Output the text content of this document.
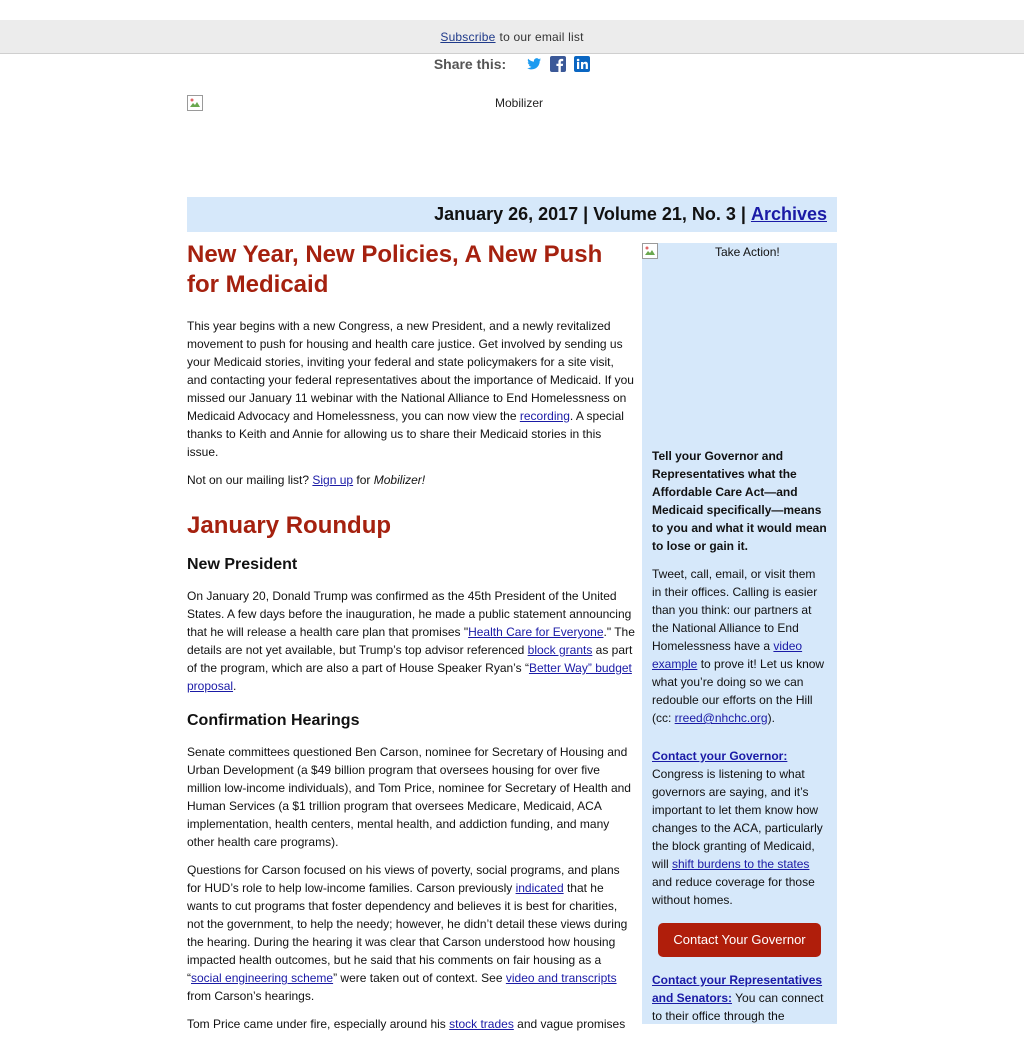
Subscribe to our email list
Share this:
Mobilizer
January 26, 2017 | Volume 21, No. 3 | Archives
New Year, New Policies, A New Push for Medicaid

This year begins with a new Congress, a new President, and a newly revitalized movement to push for housing and health care justice. Get involved by sending us your Medicaid stories, inviting your federal and state policymakers for a site visit, and contacting your federal representatives about the importance of Medicaid. If you missed our January 11 webinar with the National Alliance to End Homelessness on Medicaid Advocacy and Homelessness, you can now view the recording. A special thanks to Keith and Annie for allowing us to share their Medicaid stories in this issue.

Not on our mailing list? Sign up for Mobilizer!

January Roundup
New President

On January 20, Donald Trump was confirmed as the 45th President of the United States. A few days before the inauguration, he made a public statement announcing that he will release a health care plan that promises "Health Care for Everyone." The details are not yet available, but Trump’s top advisor referenced block grants as part of the program, which are also a part of House Speaker Ryan’s “Better Way” budget proposal.

Confirmation Hearings

Senate committees questioned Ben Carson, nominee for Secretary of Housing and Urban Development (a $49 billion program that oversees housing for over five million low-income individuals), and Tom Price, nominee for Secretary of Health and Human Services (a $1 trillion program that oversees Medicare, Medicaid, ACA implementation, health centers, mental health, and addiction funding, and many other health care programs).

Questions for Carson focused on his views of poverty, social programs, and plans for HUD’s role to help low-income families. Carson previously indicated that he wants to cut programs that foster dependency and believes it is best for charities, not the government, to help the needy; however, he didn’t detail these views during the hearing. During the hearing it was clear that Carson understood how housing impacted health outcomes, but he said that his comments on fair housing as a “social engineering scheme” were taken out of context. See video and transcripts from Carson’s hearings.

Tom Price came under fire, especially around his stock trades and vague promises

Take Action!

Tell your Governor and Representatives what the Affordable Care Act—and Medicaid specifically—means to you and what it would mean to lose or gain it.

Tweet, call, email, or visit them in their offices. Calling is easier than you think: our partners at the National Alliance to End Homelessness have a video example to prove it! Let us know what you’re doing so we can redouble our efforts on the Hill (cc: rreed@nhchc.org).

Contact your Governor:
Congress is listening to what governors are saying, and it’s important to let them know how changes to the ACA, particularly the block granting of Medicaid, will shift burdens to the states and reduce coverage for those without homes.

Contact Your Governor

Contact your Representatives and Senators: You can connect to their office through the
